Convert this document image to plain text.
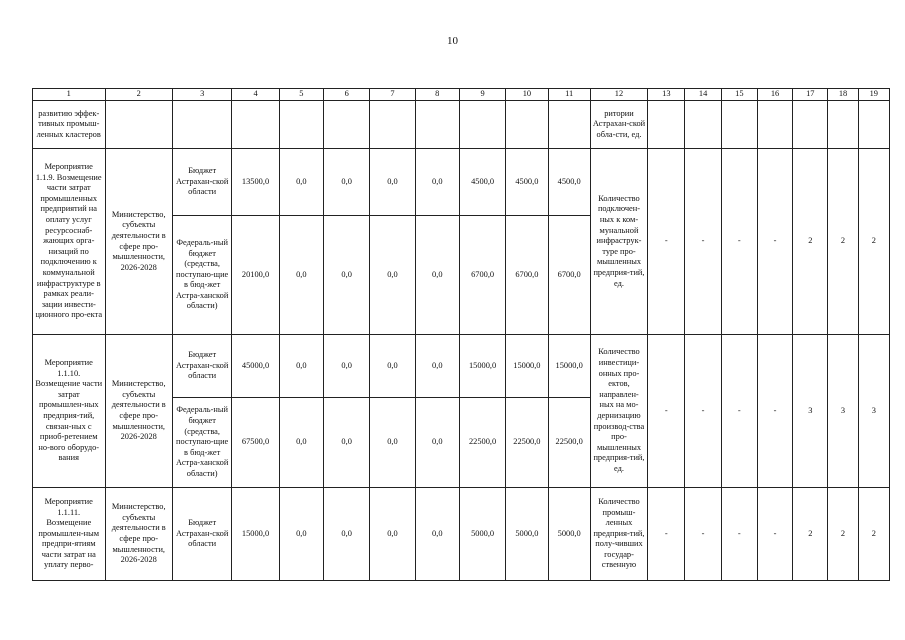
10
1	2	3	4	5	6	7	8	9	10	11	12	13	14	15	16	17	18	19
развитию эффек-тивных промыш-ленных кластеров											ритории Астрахан-ской обла-сти, ед.							
Мероприятие 1.1.9. Возмещение части затрат промышленных предприятий на оплату услуг ресурсоснаб-жающих орга-низаций по подключению к коммунальной инфраструктуре в рамках реали-зации инвести-ционного про-екта	Министерство, субъекты деятельности в сфере про-мышленности, 2026-2028	Бюджет Астрахан-ской области	13500,0	0,0	0,0	0,0	0,0	4500,0	4500,0	4500,0	Количество подключен-ных к ком-мунальной инфраструк-туре про-мышленных предприя-тий, ед.	-	-	-	-	2	2	2
		Федераль-ный бюджет (средства, поступаю-щие в бюд-жет Астра-ханской области)	20100,0	0,0	0,0	0,0	0,0	6700,0	6700,0	6700,0								
Мероприятие 1.1.10. Возмещение части затрат промышлен-ных предприя-тий, связан-ных с приоб-ретением но-вого оборудо-вания	Министерство, субъекты деятельности в сфере про-мышленности, 2026-2028	Бюджет Астрахан-ской области	45000,0	0,0	0,0	0,0	0,0	15000,0	15000,0	15000,0	Количество инвестици-онных про-ектов, направлен-ных на мо-дернизацию производ-ства про-мышленных предприя-тий, ед.	-	-	-	-	3	3	3
		Федераль-ный бюджет (средства, поступаю-щие в бюд-жет Астра-ханской области)	67500,0	0,0	0,0	0,0	0,0	22500,0	22500,0	22500,0								
Мероприятие 1.1.11. Возмещение промышлен-ным предпри-ятиям части затрат на уплату перво-	Министерство, субъекты деятельности в сфере про-мышленности, 2026-2028	Бюджет Астрахан-ской области	15000,0	0,0	0,0	0,0	0,0	5000,0	5000,0	5000,0	Количество промыш-ленных предприя-тий, полу-чивших государ-ственную	-	-	-	-	2	2	2
